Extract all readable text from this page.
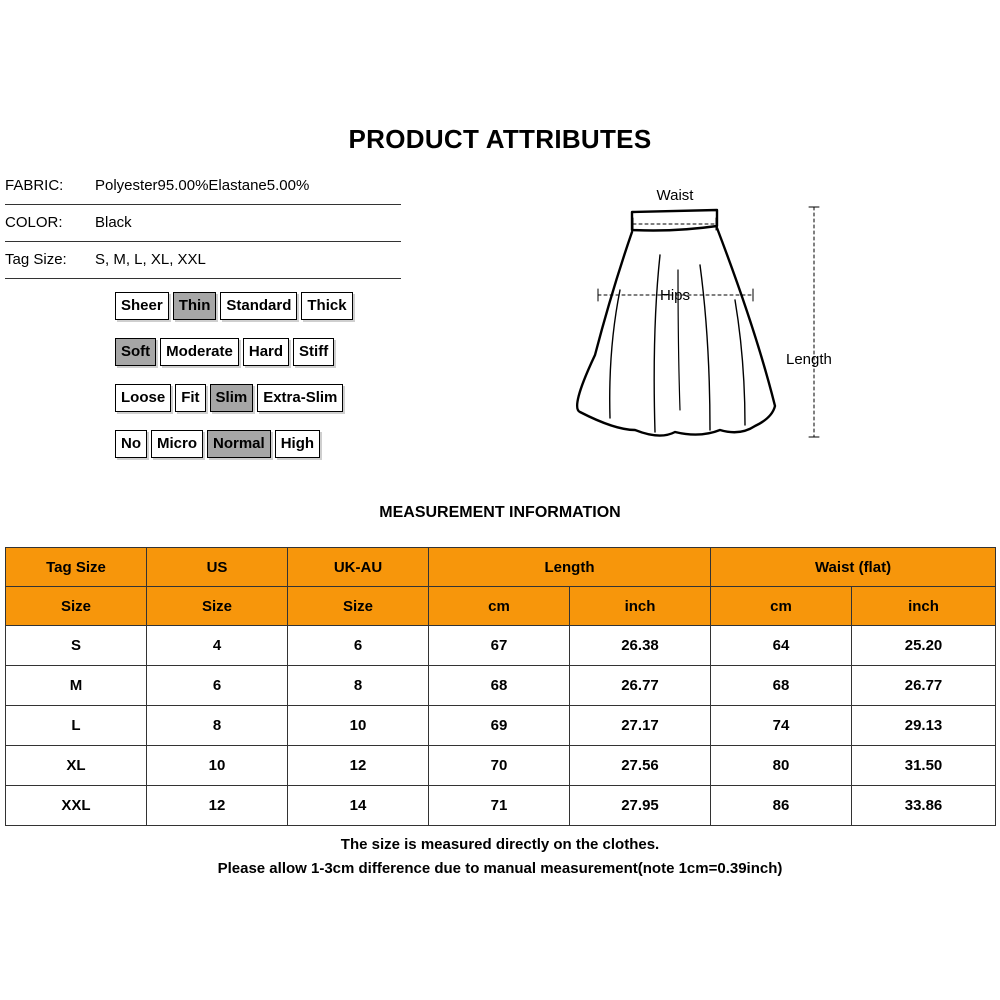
PRODUCT ATTRIBUTES
FABRIC: Polyester95.00%Elastane5.00%
COLOR: Black
Tag Size: S, M, L, XL, XXL
Sheer	Thin	Standard	Thick
Soft	Moderate	Hard	Stiff
Loose	Fit	Slim	Extra-Slim
No	Micro	Normal	High
Waist
Hips
Length
MEASUREMENT INFORMATION
Tag Size	US	UK-AU	Length		Waist (flat)	
Size	Size	Size	cm	inch	cm	inch
S	4	6	67	26.38	64	25.20
M	6	8	68	26.77	68	26.77
L	8	10	69	27.17	74	29.13
XL	10	12	70	27.56	80	31.50
XXL	12	14	71	27.95	86	33.86
The size is measured directly on the clothes.
Please allow 1-3cm difference due to manual measurement(note 1cm=0.39inch)
